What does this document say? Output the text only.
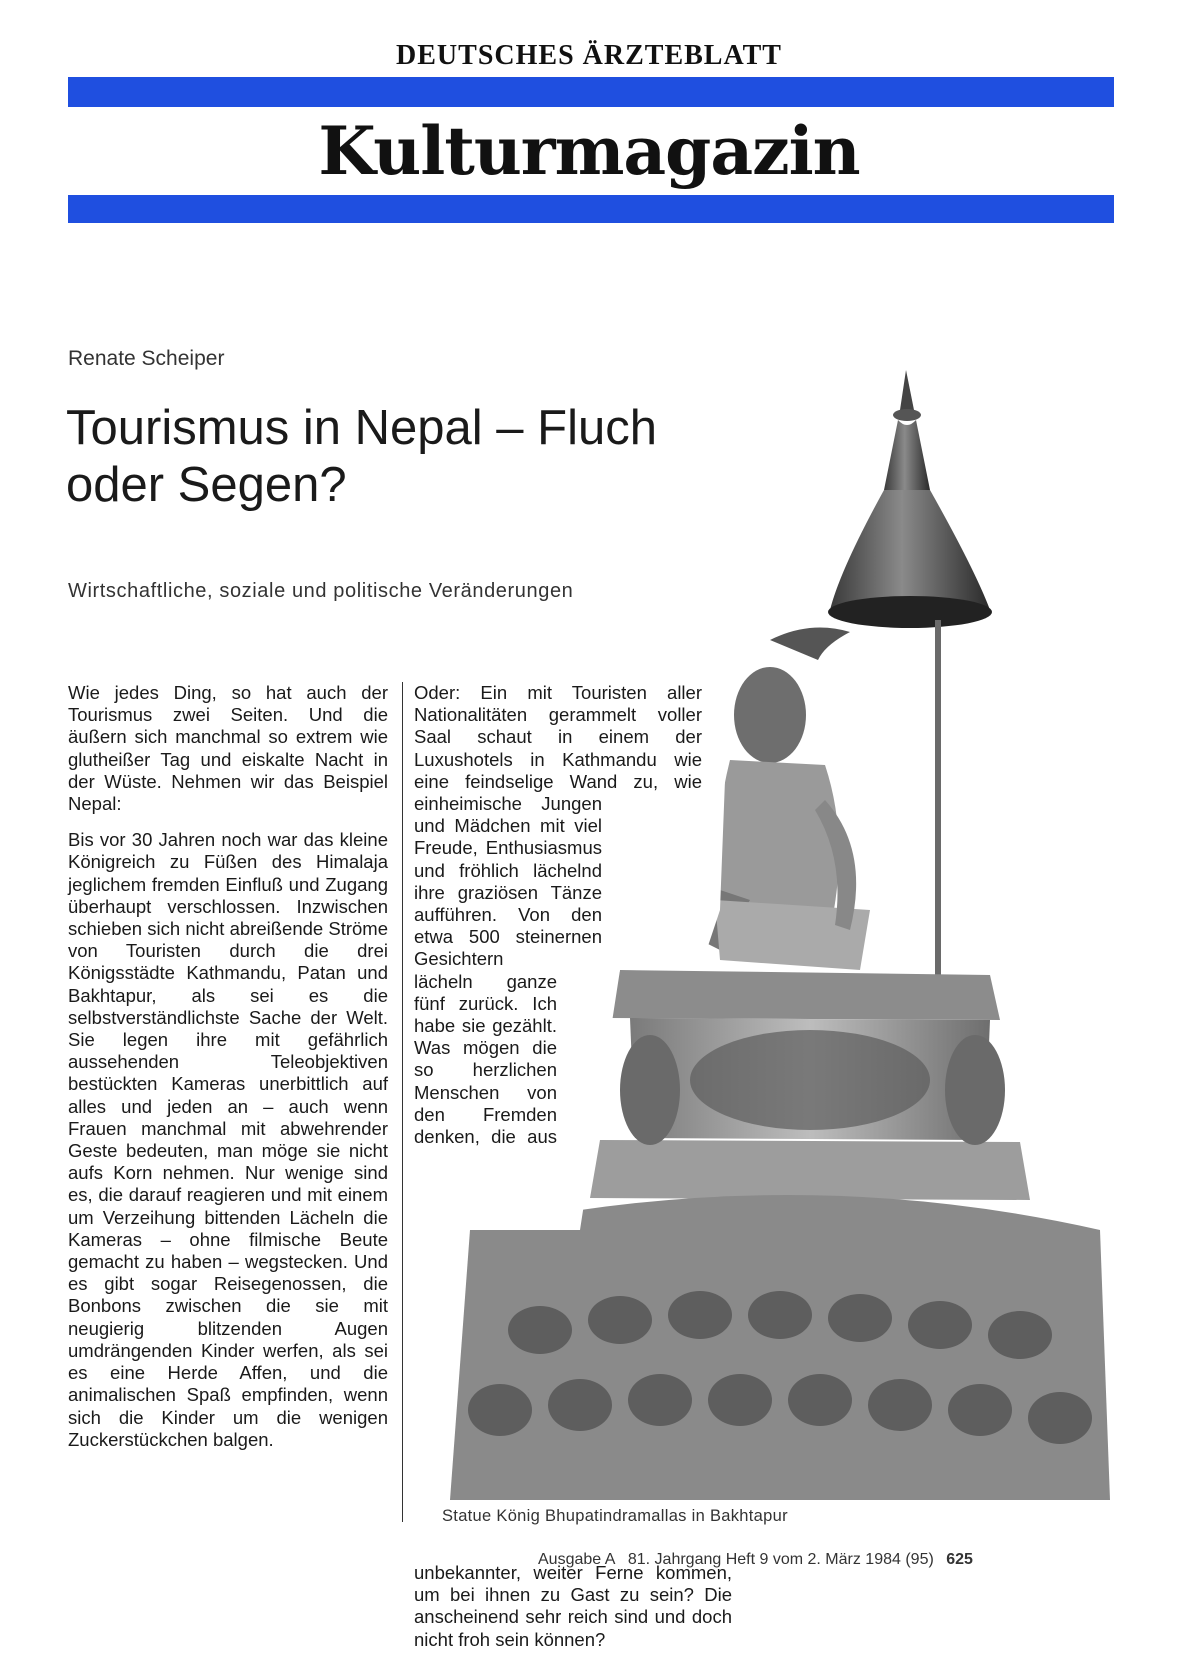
DEUTSCHES ÄRZTEBLATT
Kulturmagazin
Renate Scheiper
Tourismus in Nepal – Fluch oder Segen?
Wirtschaftliche, soziale und politische Veränderungen

Wie jedes Ding, so hat auch der Tourismus zwei Seiten. Und die äußern sich manchmal so extrem wie glutheißer Tag und eiskalte Nacht in der Wüste. Nehmen wir das Beispiel Nepal:

Bis vor 30 Jahren noch war das kleine Königreich zu Füßen des Himalaja jeglichem fremden Einfluß und Zugang überhaupt verschlossen. Inzwischen schieben sich nicht abreißende Ströme von Touristen durch die drei Königsstädte Kathmandu, Patan und Bakhtapur, als sei es die selbstverständlichste Sache der Welt. Sie legen ihre mit gefährlich aussehenden Teleobjektiven bestückten Kameras unerbittlich auf alles und jeden an – auch wenn Frauen manchmal mit abwehrender Geste bedeuten, man möge sie nicht aufs Korn nehmen. Nur wenige sind es, die darauf reagieren und mit einem um Verzeihung bittenden Lächeln die Kameras – ohne filmische Beute gemacht zu haben – wegstecken. Und es gibt sogar Reisegenossen, die Bonbons zwischen die sie mit neugierig blitzenden Augen umdrängenden Kinder werfen, als sei es eine Herde Affen, und die animalischen Spaß empfinden, wenn sich die Kinder um die wenigen Zuckerstückchen balgen.

Oder: Ein mit Touristen aller Nationalitäten gerammelt voller Saal schaut in einem der Luxushotels in Kathmandu wie eine feindselige Wand zu, wie einheimische Jungen und Mädchen mit viel Freude, Enthusiasmus und fröhlich lächelnd ihre graziösen Tänze aufführen. Von den etwa 500 steinernen Gesichtern lächeln ganze fünf zurück. Ich habe sie gezählt. Was mögen die so herzlichen Menschen von den Fremden denken, die aus unbekannter, weiter Ferne kommen, um bei ihnen zu Gast zu sein? Die anscheinend sehr reich sind und doch nicht froh sein können?

Statue König Bhupatindramallas in Bakhtapur
Ausgabe A   81. Jahrgang Heft 9 vom 2. März 1984 (95) 625
